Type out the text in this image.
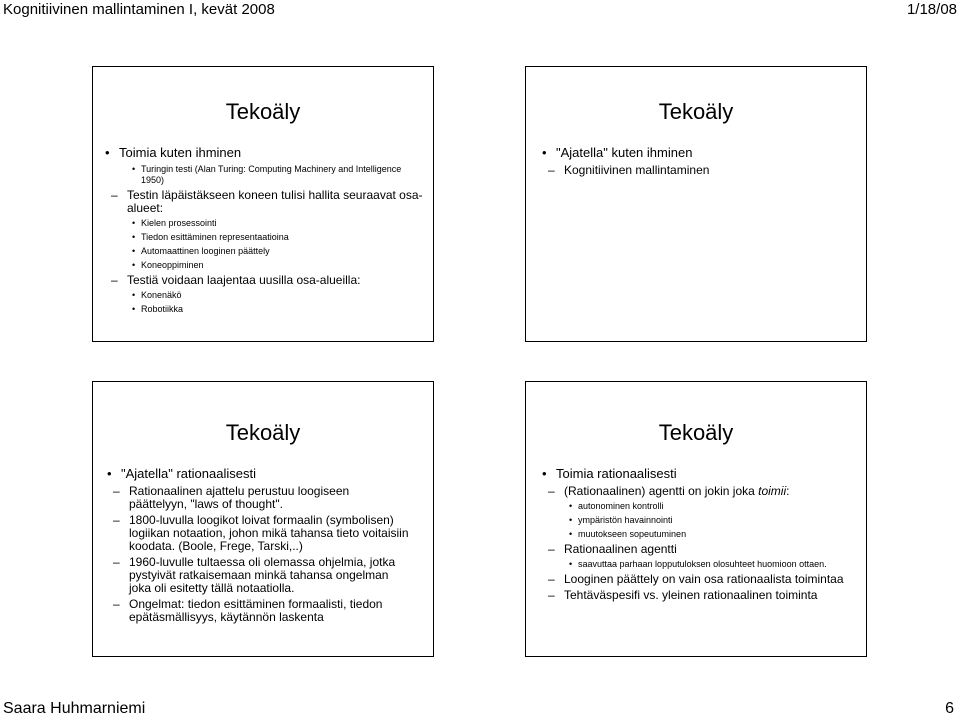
Kognitiivinen mallintaminen I, kevät 2008	1/18/08
Tekoäly
• Toimia kuten ihminen
• Turingin testi (Alan Turing: Computing Machinery and Intelligence 1950)
– Testin läpäistäkseen koneen tulisi hallita seuraavat osa-alueet:
• Kielen prosessointi
• Tiedon esittäminen representaatioina
• Automaattinen looginen päättely
• Koneoppiminen
– Testiä voidaan laajentaa uusilla osa-alueilla:
• Konenäkö
• Robotiikka
Tekoäly
• "Ajatella" kuten ihminen
– Kognitiivinen mallintaminen
Tekoäly
• "Ajatella" rationaalisesti
– Rationaalinen ajattelu perustuu loogiseen päättelyyn, "laws of thought".
– 1800-luvulla loogikot loivat formaalin (symbolisen) logiikan notaation, johon mikä tahansa tieto voitaisiin koodata. (Boole, Frege, Tarski,..)
– 1960-luvulle tultaessa oli olemassa ohjelmia, jotka pystyivät ratkaisemaan minkä tahansa ongelman joka oli esitetty tällä notaatiolla.
– Ongelmat: tiedon esittäminen formaalisti, tiedon epätäsmällisyys, käytännön laskenta
Tekoäly
• Toimia rationaalisesti
– (Rationaalinen) agentti on jokin joka toimii:
• autonominen kontrolli
• ympäristön havainnointi
• muutokseen sopeutuminen
– Rationaalinen agentti
• saavuttaa parhaan lopputuloksen olosuhteet huomioon ottaen.
– Looginen päättely on vain osa rationaalista toimintaa
– Tehtäväspesifi vs. yleinen rationaalinen toiminta
Saara Huhmarniemi	6
